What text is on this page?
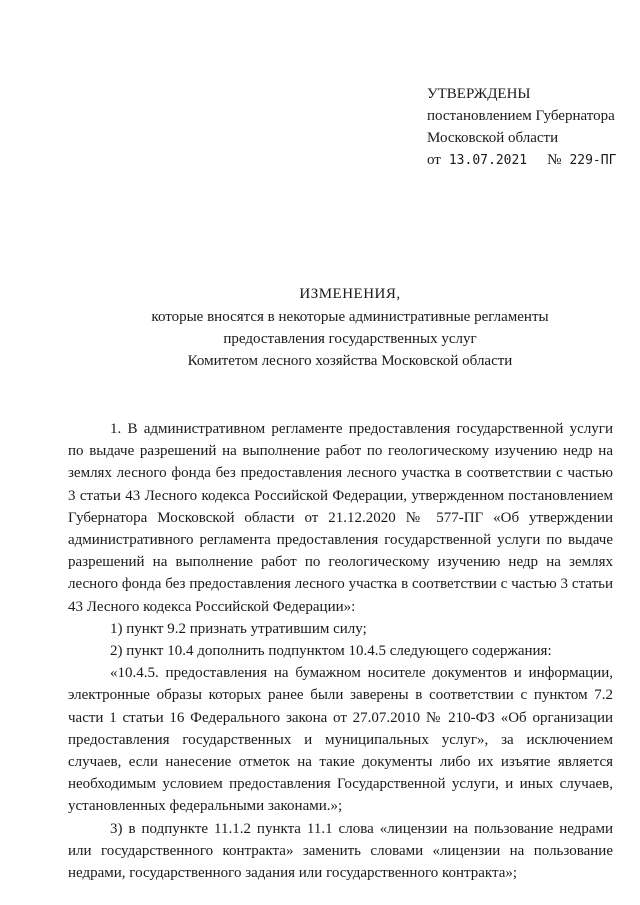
УТВЕРЖДЕНЫ
постановлением Губернатора
Московской области
от 13.07.2021 № 229-ПГ
ИЗМЕНЕНИЯ,
которые вносятся в некоторые административные регламенты
предоставления государственных услуг
Комитетом лесного хозяйства Московской области

1. В административном регламенте предоставления государственной услуги по выдаче разрешений на выполнение работ по геологическому изучению недр на землях лесного фонда без предоставления лесного участка в соответствии с частью 3 статьи 43 Лесного кодекса Российской Федерации, утвержденном постановлением Губернатора Московской области от 21.12.2020 № 577-ПГ «Об утверждении административного регламента предоставления государственной услуги по выдаче разрешений на выполнение работ по геологическому изучению недр на землях лесного фонда без предоставления лесного участка в соответствии с частью 3 статьи 43 Лесного кодекса Российской Федерации»:

1) пункт 9.2 признать утратившим силу;

2) пункт 10.4 дополнить подпунктом 10.4.5 следующего содержания:

«10.4.5. предоставления на бумажном носителе документов и информации, электронные образы которых ранее были заверены в соответствии с пунктом 7.2 части 1 статьи 16 Федерального закона от 27.07.2010 № 210-ФЗ «Об организации предоставления государственных и муниципальных услуг», за исключением случаев, если нанесение отметок на такие документы либо их изъятие является необходимым условием предоставления Государственной услуги, и иных случаев, установленных федеральными законами.»;

3) в подпункте 11.1.2 пункта 11.1 слова «лицензии на пользование недрами или государственного контракта» заменить словами «лицензии на пользование недрами, государственного задания или государственного контракта»;
